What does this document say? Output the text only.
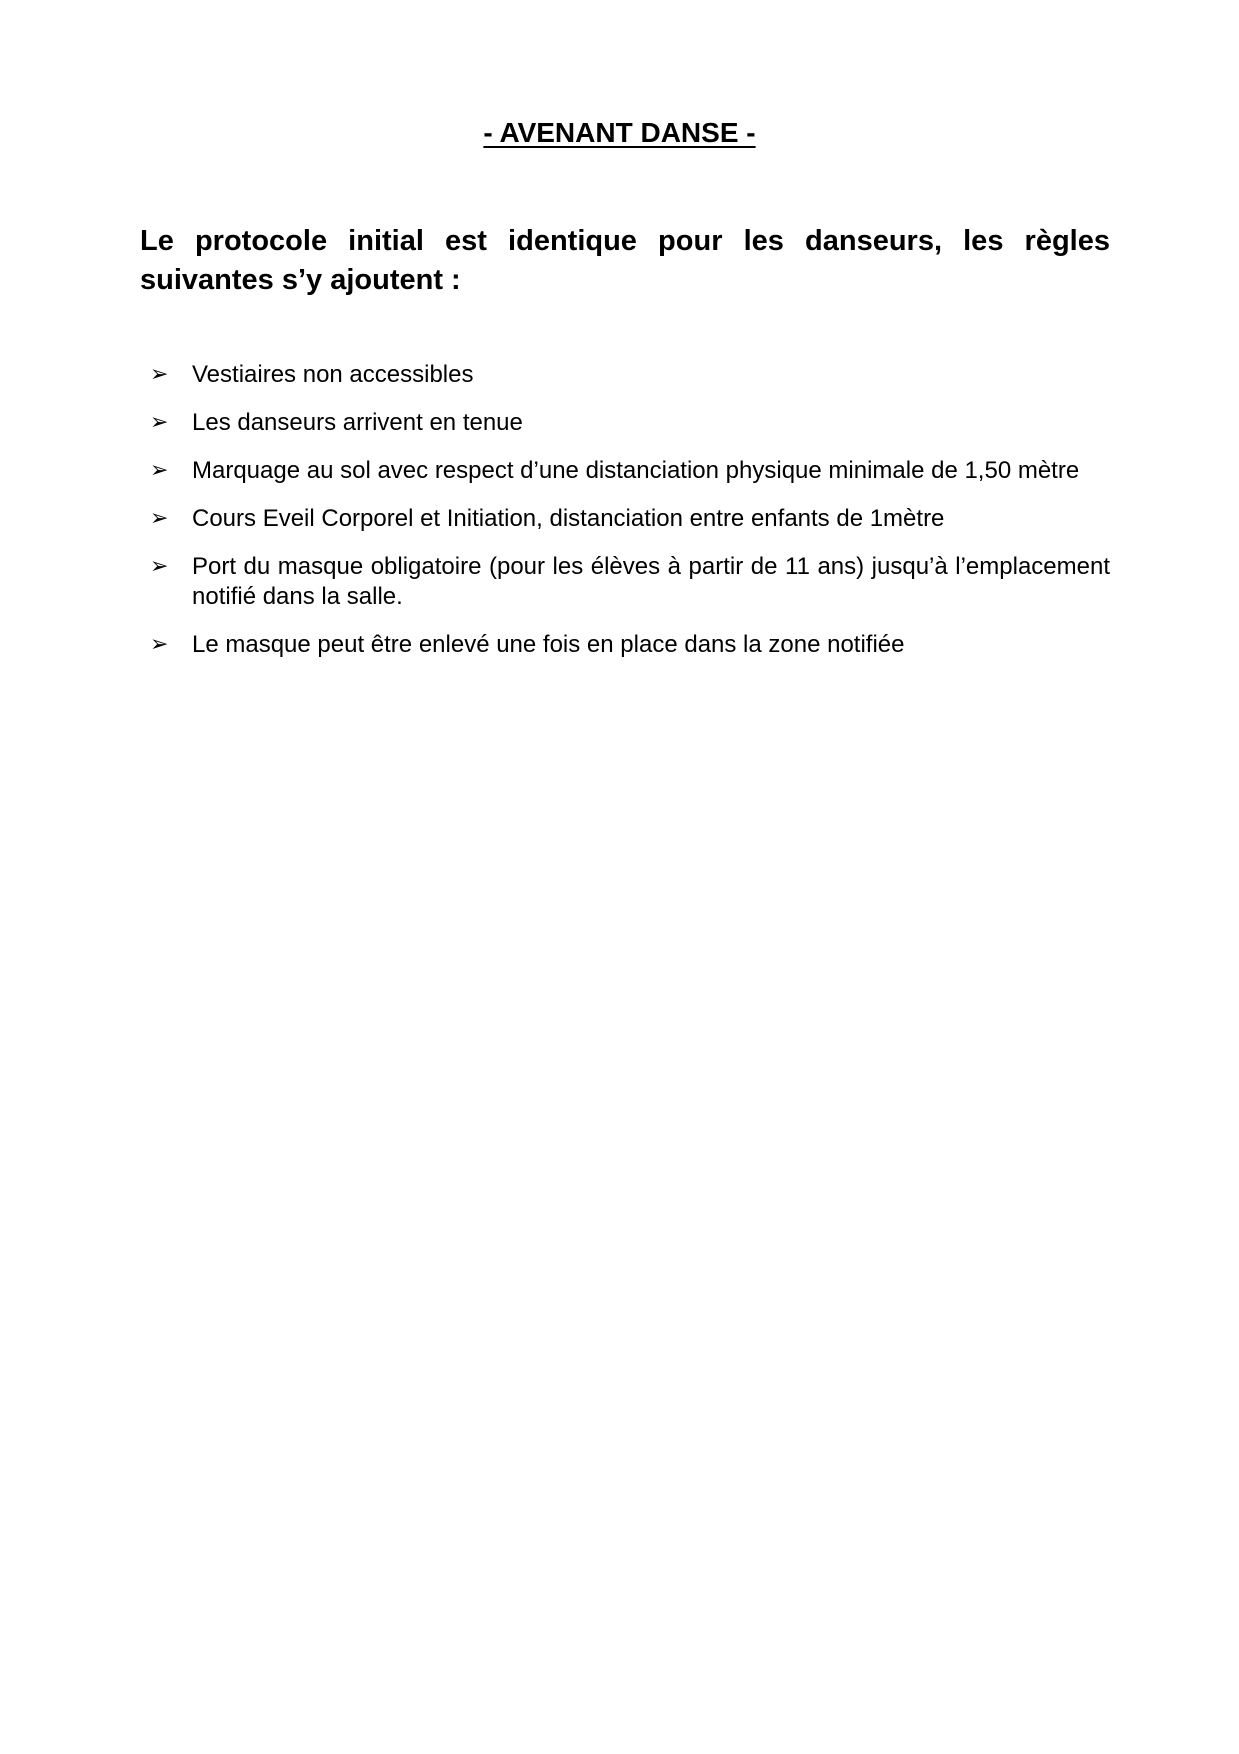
- AVENANT DANSE -
Le protocole initial est identique pour les danseurs, les règles suivantes s’y ajoutent :
➢ Vestiaires non accessibles
➢ Les danseurs arrivent en tenue
➢ Marquage au sol avec respect d’une distanciation physique minimale de 1,50 mètre
➢ Cours Eveil Corporel et Initiation, distanciation entre enfants de 1mètre
➢ Port du masque obligatoire (pour les élèves à partir de 11 ans) jusqu’à l’emplacement notifié dans la salle.
➢ Le masque peut être enlevé une fois en place dans la zone notifiée
